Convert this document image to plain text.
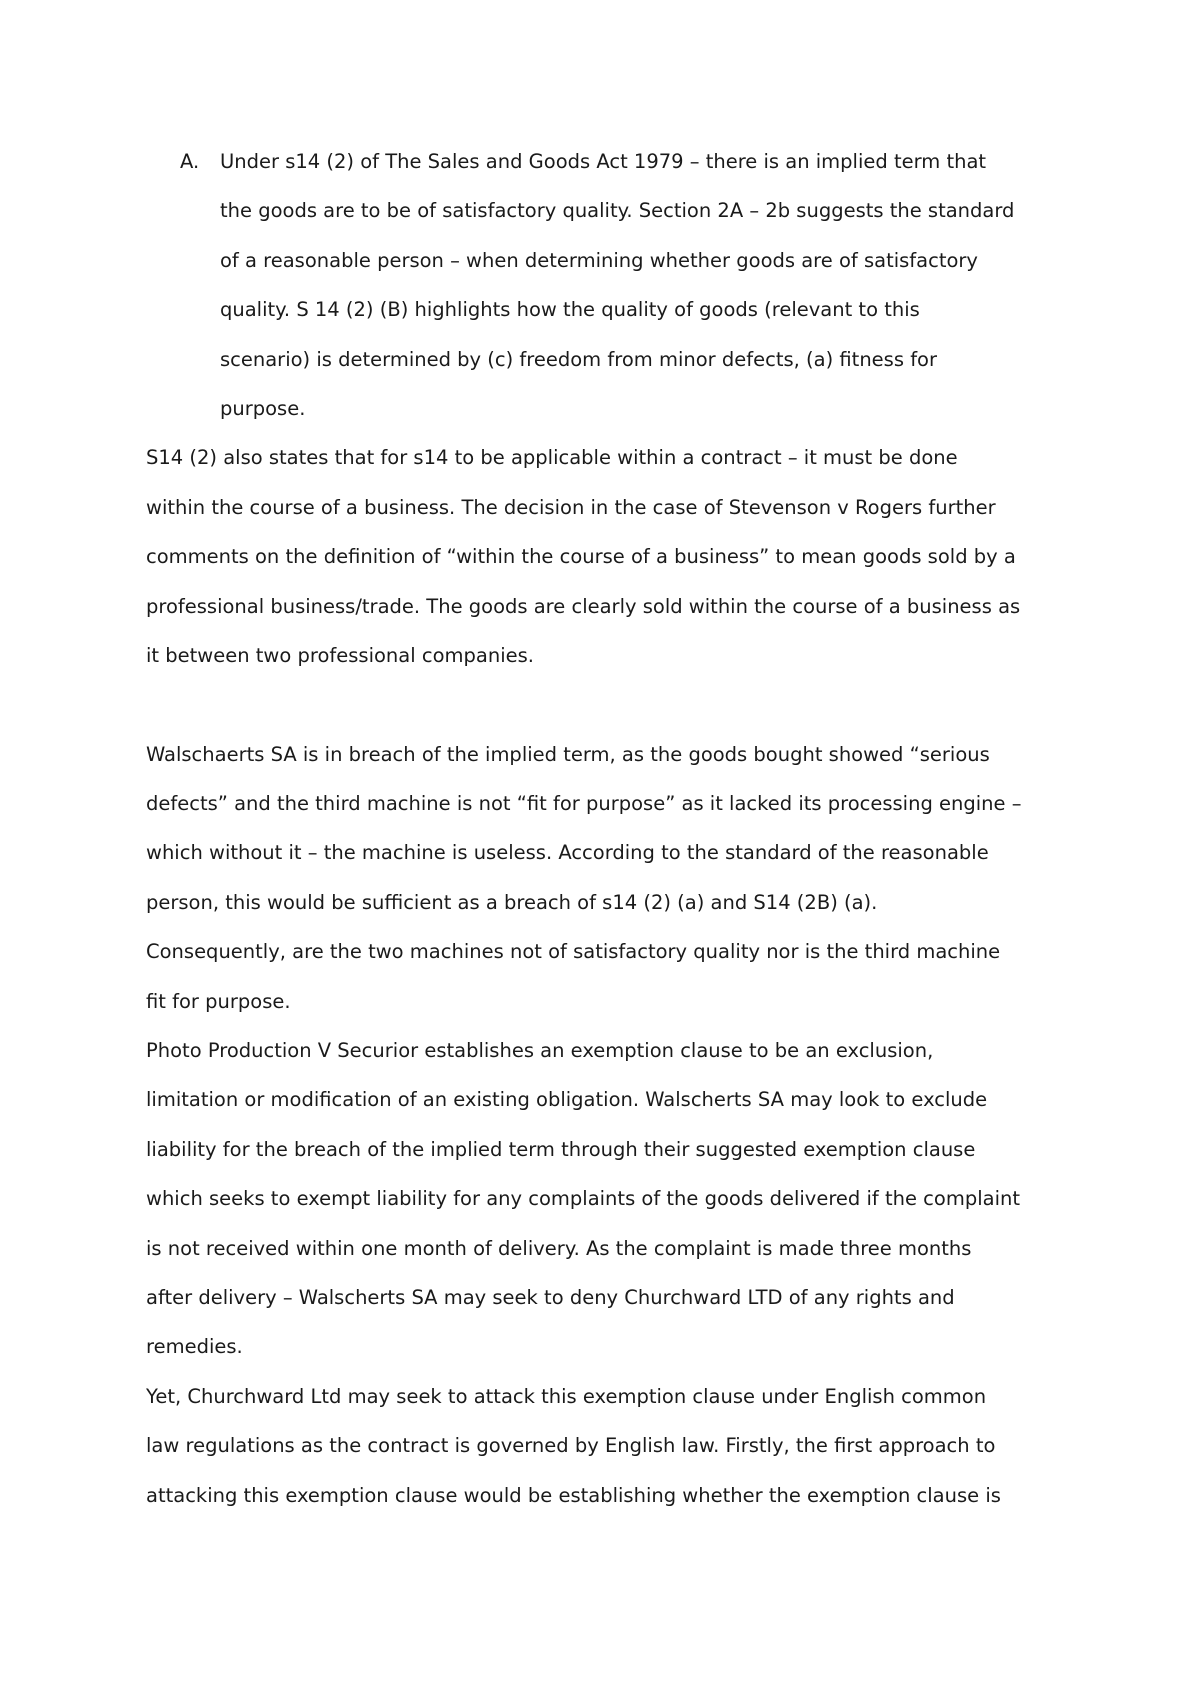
A. Under s14 (2) of The Sales and Goods Act 1979 – there is an implied term that
the goods are to be of satisfactory quality. Section 2A – 2b suggests the standard
of a reasonable person – when determining whether goods are of satisfactory
quality. S 14 (2) (B) highlights how the quality of goods (relevant to this
scenario) is determined by (c) freedom from minor defects, (a) fitness for
purpose.
S14 (2) also states that for s14 to be applicable within a contract – it must be done
within the course of a business. The decision in the case of Stevenson v Rogers further
comments on the definition of “within the course of a business” to mean goods sold by a
professional business/trade. The goods are clearly sold within the course of a business as
it between two professional companies.
Walschaerts SA is in breach of the implied term, as the goods bought showed “serious
defects” and the third machine is not “fit for purpose” as it lacked its processing engine –
which without it – the machine is useless. According to the standard of the reasonable
person, this would be sufficient as a breach of s14 (2) (a) and S14 (2B) (a).
Consequently, are the two machines not of satisfactory quality nor is the third machine
fit for purpose.
Photo Production V Securior establishes an exemption clause to be an exclusion,
limitation or modification of an existing obligation. Walscherts SA may look to exclude
liability for the breach of the implied term through their suggested exemption clause
which seeks to exempt liability for any complaints of the goods delivered if the complaint
is not received within one month of delivery. As the complaint is made three months
after delivery – Walscherts SA may seek to deny Churchward LTD of any rights and
remedies.
Yet, Churchward Ltd may seek to attack this exemption clause under English common
law regulations as the contract is governed by English law. Firstly, the first approach to
attacking this exemption clause would be establishing whether the exemption clause is
